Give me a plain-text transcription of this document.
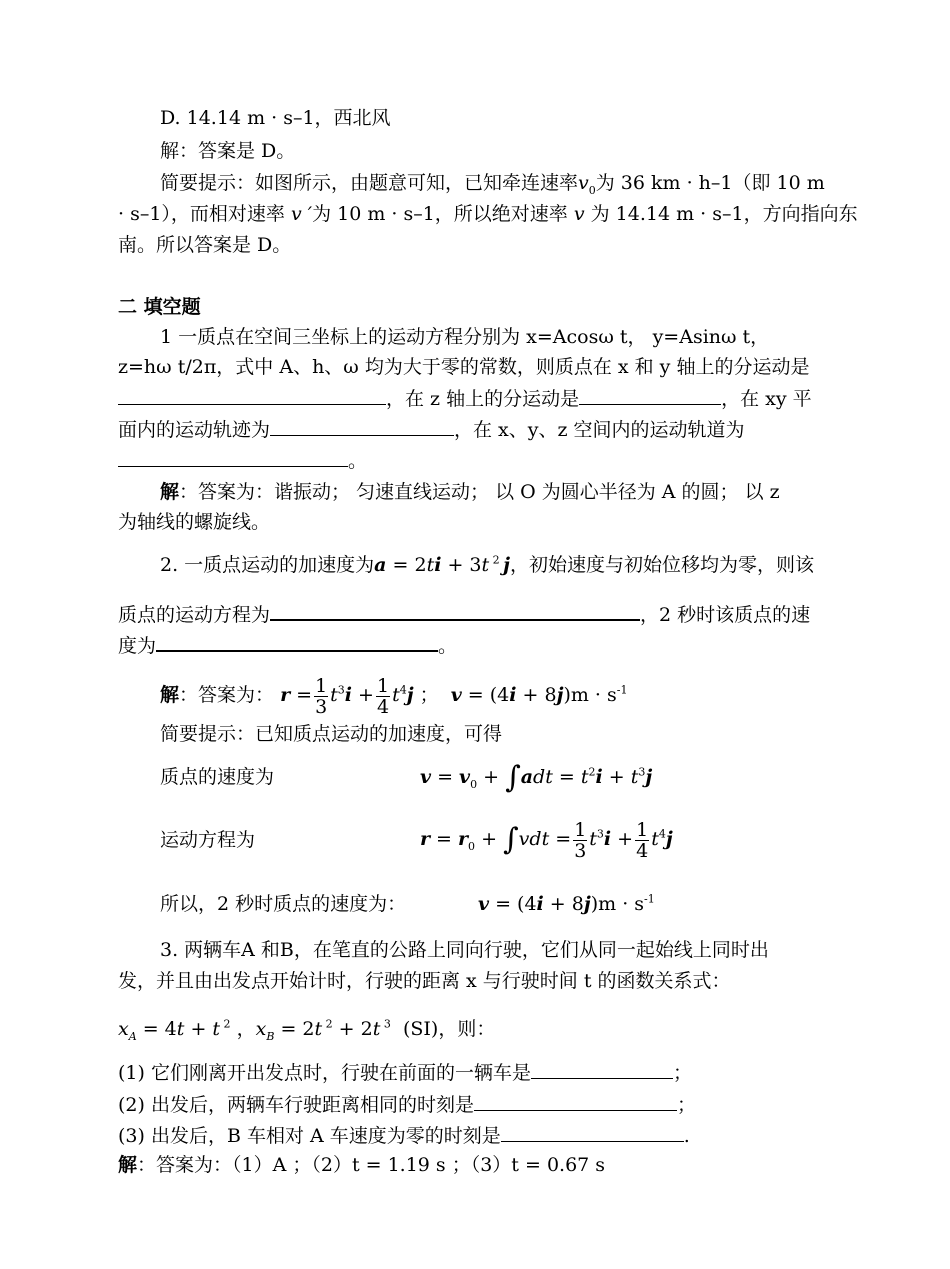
D. 14.14 m · s–1，西北风
解：答案是 D。
简要提示：如图所示，由题意可知，已知牵连速率$v_0$为 36 km · h–1（即 10 m
· s–1），而相对速率 v ′为 10 m · s–1，所以绝对速率 v 为 14.14 m · s–1，方向指向东
南。所以答案是 D。
二 填空题
1 一质点在空间三坐标上的运动方程分别为 x=Acosω t， y=Asinω t，
z=hω t/2π，式中 A、h、ω 均为大于零的常数，则质点在 x 和 y 轴上的分运动是
，在 z 轴上的分运动是	，在 xy 平
面内的运动轨迹为	，在 x、y、z 空间内的运动轨道为
。
解：答案为：谐振动； 匀速直线运动； 以 O 为圆心半径为 A 的圆； 以 z
为轴线的螺旋线。
2. 一质点运动的加速度为a = 2ti + 3t $^2$ j，初始速度与初始位移均为零，则该
质点的运动方程为	，2 秒时该质点的速
度为	。
解：答案为： $r = \frac{1}{3} t^3i + \frac{1}{4} t^4j$ ；  $v = (4i + 8j)m \cdot s^{-1}$
简要提示：已知质点运动的加速度，可得
质点的速度为	$v = v_0 + \int adt = t^2i + t^3j$
运动方程为	$r = r_0 + \int vdt = \frac{1}{3} t^3i + \frac{1}{4} t^4j$
所以，2 秒时质点的速度为：	$v = (4i + 8j)m \cdot s^{-1}$
3. 两辆车A 和B，在笔直的公路上同向行驶，它们从同一起始线上同时出
发，并且由出发点开始计时，行驶的距离 x 与行驶时间 t 的函数关系式：
$x_A = 4t + t$ $^2$ ，$x_B = 2t$ $^2$ + 2t $^3$ (SI)，则：
(1) 它们刚离开出发点时，行驶在前面的一辆车是	；
(2) 出发后，两辆车行驶距离相同的时刻是	；
(3) 出发后，B 车相对 A 车速度为零的时刻是	.
解：答案为：（1）A ；（2）t = 1.19 s ；（3）t = 0.67 s
